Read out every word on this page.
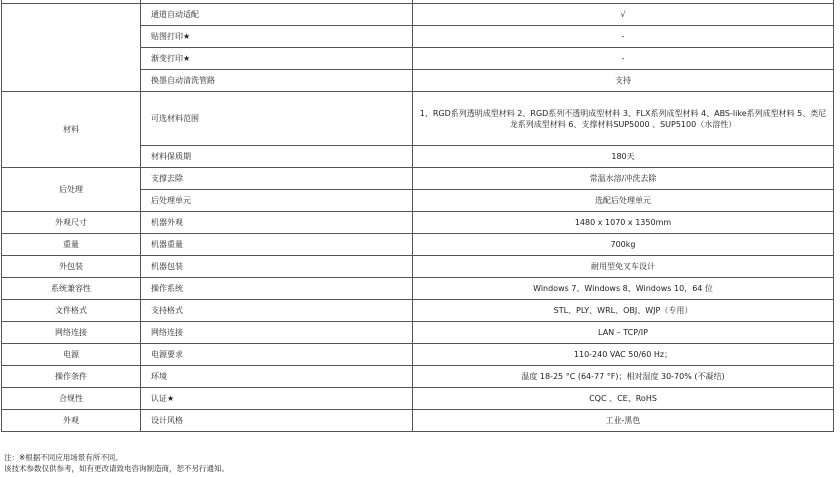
	通道自动适配	√
	贴图打印★	-
	渐变打印★	-
	换墨自动清洗管路	支持
材料	可选材料范围	1、RGD系列透明成型材料 2、RGD系列不透明成型材料 3、FLX系列成型材料 4、ABS-like系列成型材料 5、类尼龙系列成型材料 6、支撑材料SUP5000 、SUP5100（水溶性）
	材料保质期	180天
后处理	支撑去除	常温水溶/冲洗去除
	后处理单元	选配后处理单元
外观尺寸	机器外观	1480 x 1070 x 1350mm
重量	机器重量	700kg
外包装	机器包装	耐用型免叉车设计
系统兼容性	操作系统	Windows 7、Windows 8、Windows 10，64 位
文件格式	支持格式	STL、PLY、WRL、OBJ、WJP（专用）
网络连接	网络连接	LAN – TCP/IP
电源	电源要求	110-240 VAC 50/60 Hz；
操作条件	环境	温度 18-25 °C (64-77 °F)；相对湿度 30-70% (不凝结)
合规性	认证★	CQC 、CE、RoHS
外观	设计风格	工业-黑色
注：※根据不同应用场景有所不同。
该技术参数仅供参考，如有更改请致电咨询制造商，恕不另行通知。
